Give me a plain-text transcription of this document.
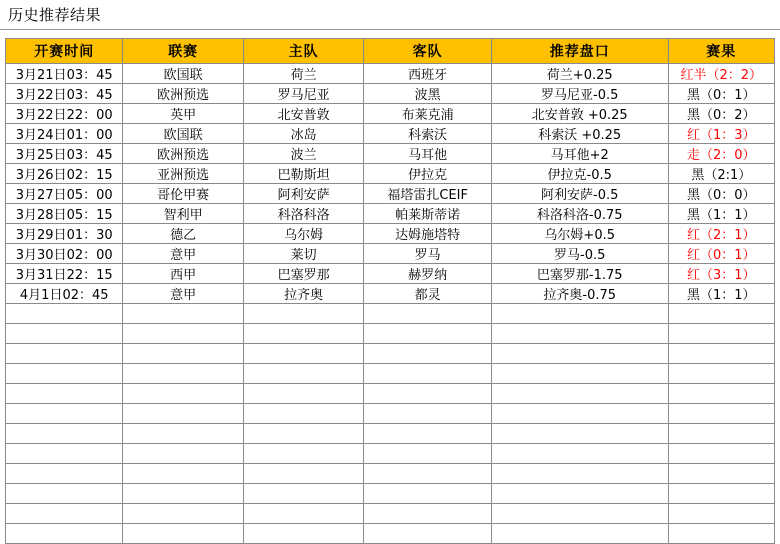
历史推荐结果
开赛时间	联赛	主队	客队	推荐盘口	赛果
3月21日03：45	欧国联	荷兰	西班牙	荷兰+0.25	红半（2：2）
3月22日03：45	欧洲预选	罗马尼亚	波黑	罗马尼亚-0.5	黑（0：1）
3月22日22：00	英甲	北安普敦	布莱克浦	北安普敦 +0.25	黑（0：2）
3月24日01：00	欧国联	冰岛	科索沃	科索沃 +0.25	红（1：3）
3月25日03：45	欧洲预选	波兰	马耳他	马耳他+2	走（2：0）
3月26日02：15	亚洲预选	巴勒斯坦	伊拉克	伊拉克-0.5	黑（2:1）
3月27日05：00	哥伦甲赛	阿利安萨	福塔雷扎CEIF	阿利安萨-0.5	黑（0：0）
3月28日05：15	智利甲	科洛科洛	帕莱斯蒂诺	科洛科洛-0.75	黑（1：1）
3月29日01：30	德乙	乌尔姆	达姆施塔特	乌尔姆+0.5	红（2：1）
3月30日02：00	意甲	莱切	罗马	罗马-0.5	红（0：1）
3月31日22：15	西甲	巴塞罗那	赫罗纳	巴塞罗那-1.75	红（3：1）
4月1日02：45	意甲	拉齐奥	都灵	拉齐奥-0.75	黑（1：1）
